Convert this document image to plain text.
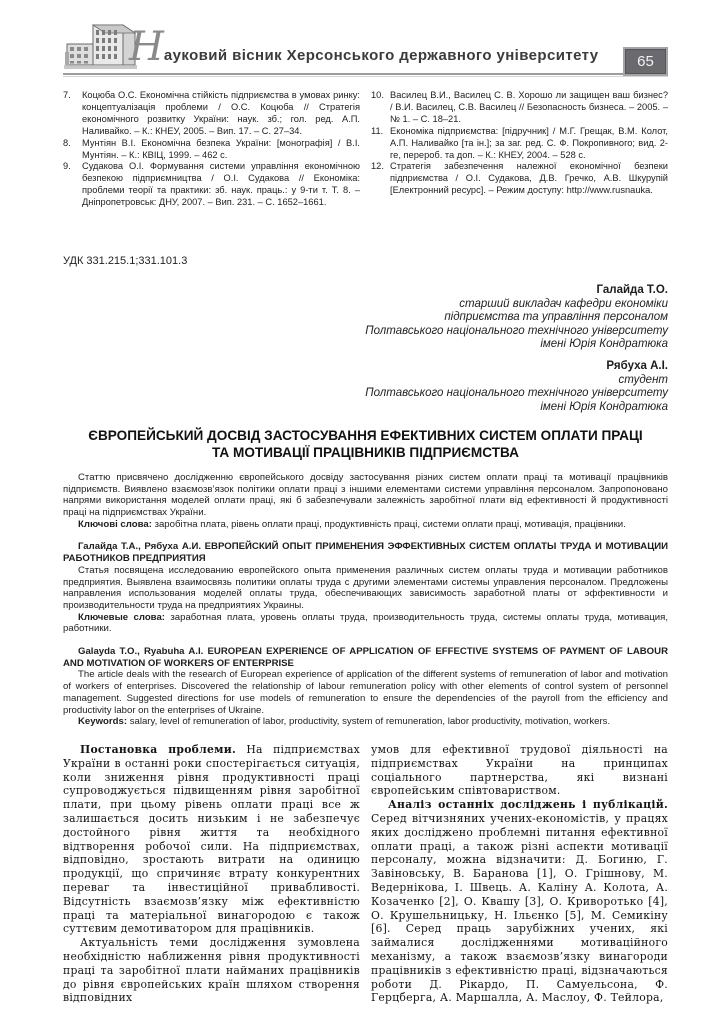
Науковий вісник Херсонського державного університету	65
7. Коцюба О.С. Економічна стійкість підприємства в умовах ринку: концептуалізація проблеми / О.С. Коцюба // Стратегія економічного розвитку України: наук. зб.; гол. ред. А.П. Наливайко. – К.: КНЕУ, 2005. – Вип. 17. – С. 27–34.
8. Мунтіян В.І. Економічна безпека України: [монографія] / В.І. Мунтіян. – К.: КВІЦ, 1999. – 462 с.
9. Судакова О.І. Формування системи управління економічною безпекою підприємництва / О.І. Судакова // Економіка: проблеми теорії та практики: зб. наук. праць.: у 9-ти т. Т. 8. – Дніпропетровськ: ДНУ, 2007. – Вип. 231. – С. 1652–1661.
10. Василец В.И., Василец С. В. Хорошо ли защищен ваш бизнес? / В.И. Василец, С.В. Василец // Безопасность бизнеса. – 2005. – № 1. – С. 18–21.
11. Економіка підприємства: [підручник] / М.Г. Грещак, В.М. Колот, А.П. Наливайко [та ін.]; за заг. ред. С. Ф. Покропивного; вид. 2-ге, перероб. та доп. – К.: КНЕУ, 2004. – 528 с.
12. Стратегія забезпечення належної економічної безпеки підприємства / О.І. Судакова, Д.В. Гречко, А.В. Шкурупій [Електронний ресурс]. – Режим доступу: http://www.rusnauka.
УДК 331.215.1;331.101.3
Галайда Т.О.
старший викладач кафедри економіки
підприємства та управління персоналом
Полтавського національного технічного університету
імені Юрія Кондратюка
Рябуха А.І.
студент
Полтавського національного технічного університету
імені Юрія Кондратюка
ЄВРОПЕЙСЬКИЙ ДОСВІД ЗАСТОСУВАННЯ ЕФЕКТИВНИХ СИСТЕМ ОПЛАТИ ПРАЦІ
ТА МОТИВАЦІЇ ПРАЦІВНИКІВ ПІДПРИЄМСТВА

Статтю присвячено дослідженню європейського досвіду застосування різних систем оплати праці та мотивації працівників підприємств. Виявлено взаємозв’язок політики оплати праці з іншими елементами системи управління персоналом. Запропоновано напрями використання моделей оплати праці, які б забезпечували залежність заробітної плати від ефективності й продуктивності праці на підприємствах України.

Ключові слова: заробітна плата, рівень оплати праці, продуктивність праці, системи оплати праці, мотивація, працівники.

Галайда Т.А., Рябуха А.И. ЕВРОПЕЙСКИЙ ОПЫТ ПРИМЕНЕНИЯ ЭФФЕКТИВНЫХ СИСТЕМ ОПЛАТЫ ТРУДА И МОТИВАЦИИ РАБОТНИКОВ ПРЕДПРИЯТИЯ

Статья посвящена исследованию европейского опыта применения различных систем оплаты труда и мотивации работников предприятия. Выявлена взаимосвязь политики оплаты труда с другими элементами системы управления персоналом. Предложены направления использования моделей оплаты труда, обеспечивающих зависимость заработной платы от эффективности и производительности труда на предприятиях Украины.

Ключевые слова: заработная плата, уровень оплаты труда, производительность труда, системы оплаты труда, мотивация, работники.

Galayda T.O., Ryabuha A.I. EUROPEAN EXPERIENCE OF APPLICATION OF EFFECTIVE SYSTEMS OF PAYMENT OF LABOUR AND MOTIVATION OF WORKERS OF ENTERPRISE

The article deals with the research of European experience of application of the different systems of remuneration of labor and motivation of workers of enterprises. Discovered the relationship of labour remuneration policy with other elements of control system of personnel management. Suggested directions for use models of remuneration to ensure the dependencies of the payroll from the efficiency and productivity labor on the enterprises of Ukraine.

Keywords: salary, level of remuneration of labor, productivity, system of remuneration, labor productivity, motivation, workers.

Постановка проблеми. На підприємствах України в останні роки спостерігається ситуація, коли зниження рівня продуктивності праці супроводжується підвищенням рівня заробітної плати, при цьому рівень оплати праці все ж залишається досить низьким і не забезпечує достойного рівня життя та необхідного відтворення робочої сили. На підприємствах, відповідно, зростають витрати на одиницю продукції, що спричиняє втрату конкурентних переваг та інвестиційної привабливості. Відсутність взаємозв’язку між ефективністю праці та матеріальної винагородою є також суттєвим демотиватором для працівників.

Актуальність теми дослідження зумовлена необхідністю наближення рівня продуктивності праці та заробітної плати найманих працівників до рівня європейських країн шляхом створення відповідних

умов для ефективної трудової діяльності на підприємствах України на принципах соціального партнерства, які визнані європейським співтовариством.

Аналіз останніх досліджень і публікацій. Серед вітчизняних учених-економістів, у працях яких досліджено проблемні питання ефективної оплати праці, а також різні аспекти мотивації персоналу, можна відзначити: Д. Богиню, Г. Завіновську, В. Баранова [1], О. Грішнову, М. Ведернікова, І. Швець. А. Каліну А. Колота, А. Козаченко [2], О. Квашу [3], О. Криворотько [4], О. Крушельницьку, Н. Ільєнко [5], М. Семикіну [6]. Серед праць зарубіжних учених, які займалися дослідженнями мотиваційного механізму, а також взаємозв’язку винагороди працівників з ефективністю праці, відзначаються роботи Д. Рікардо, П. Самуельсона, Ф. Герцберга, А. Маршалла, А. Маслоу, Ф. Тейлора,
